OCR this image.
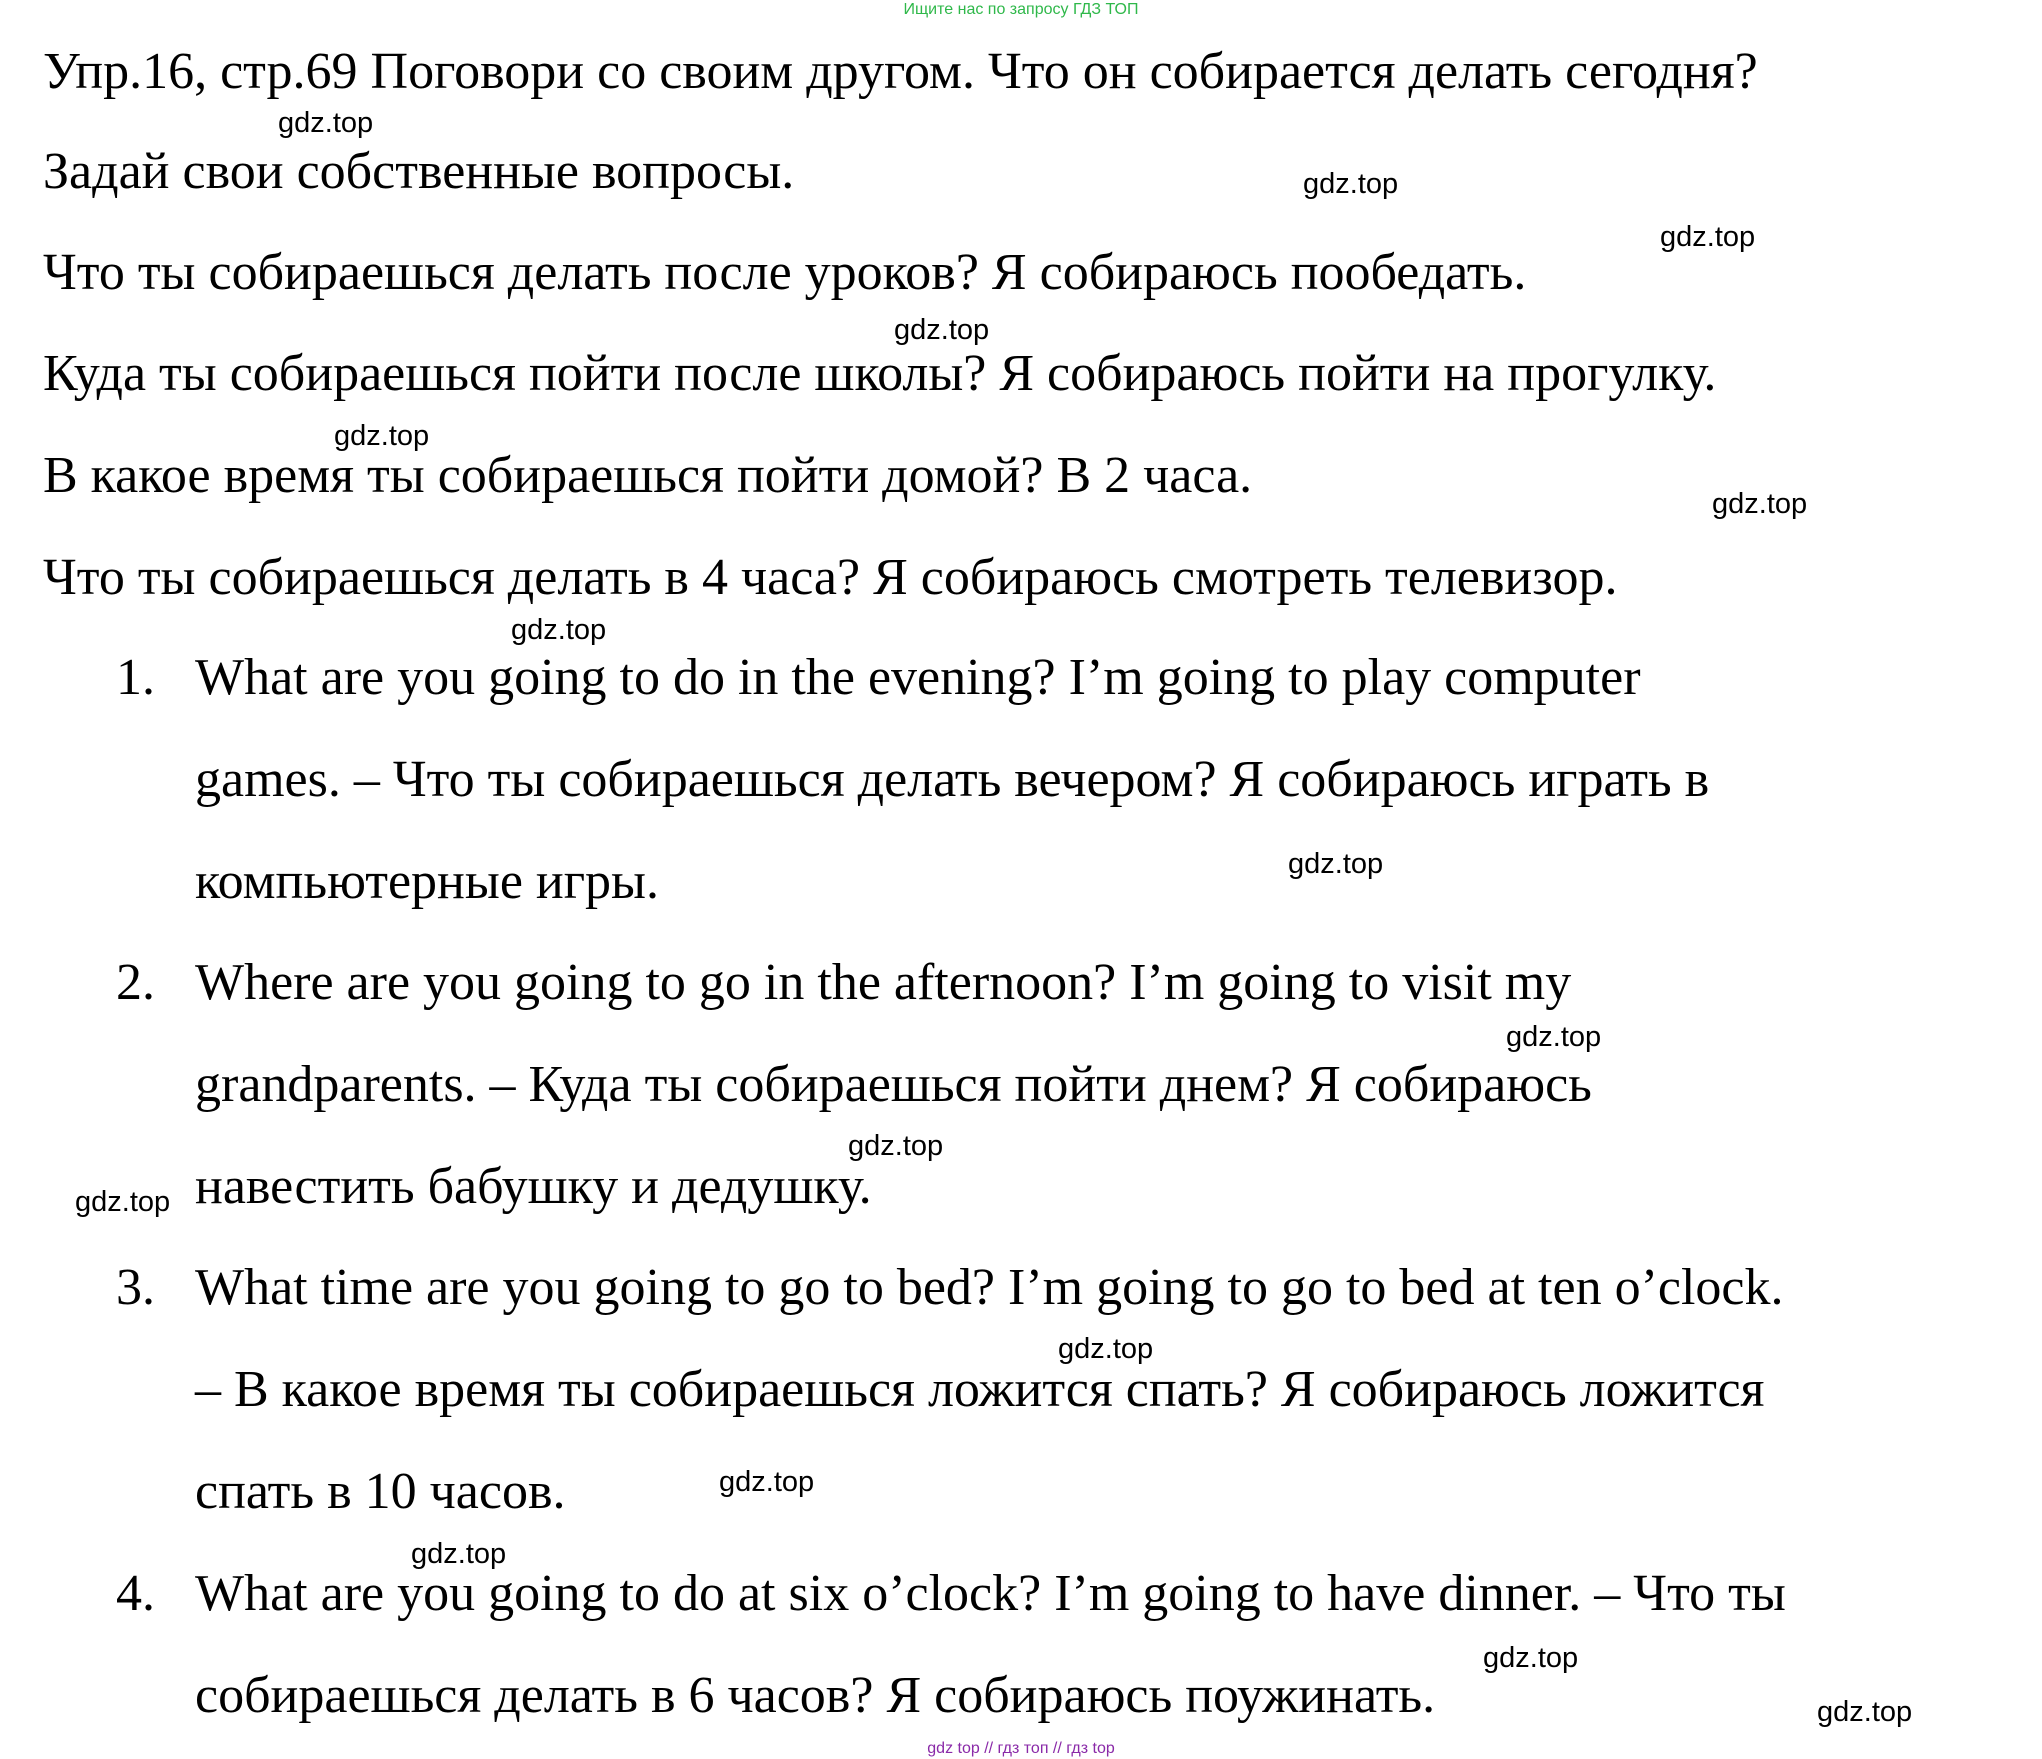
Ищите нас по запросу ГДЗ ТОП
Упр.16, стр.69 Поговори со своим другом. Что он собирается делать сегодня?
Задай свои собственные вопросы.
Что ты собираешься делать после уроков? Я собираюсь пообедать.
Куда ты собираешься пойти после школы? Я собираюсь пойти на прогулку.
В какое время ты собираешься пойти домой? В 2 часа.
Что ты собираешься делать в 4 часа? Я собираюсь смотреть телевизор.
1. What are you going to do in the evening? I’m going to play computer
games. – Что ты собираешься делать вечером? Я собираюсь играть в
компьютерные игры.
2. Where are you going to go in the afternoon? I’m going to visit my
grandparents. – Куда ты собираешься пойти днем? Я собираюсь
навестить бабушку и дедушку.
3. What time are you going to go to bed? I’m going to go to bed at ten o’clock.
– В какое время ты собираешься ложится спать? Я собираюсь ложится
спать в 10 часов.
4. What are you going to do at six o’clock? I’m going to have dinner. – Что ты
собираешься делать в 6 часов? Я собираюсь поужинать.
gdz.top
gdz.top
gdz.top
gdz.top
gdz.top
gdz.top
gdz.top
gdz.top
gdz.top
gdz.top
gdz.top
gdz.top
gdz.top
gdz.top
gdz.top
gdz.top
gdz top // гдз топ // гдз top
